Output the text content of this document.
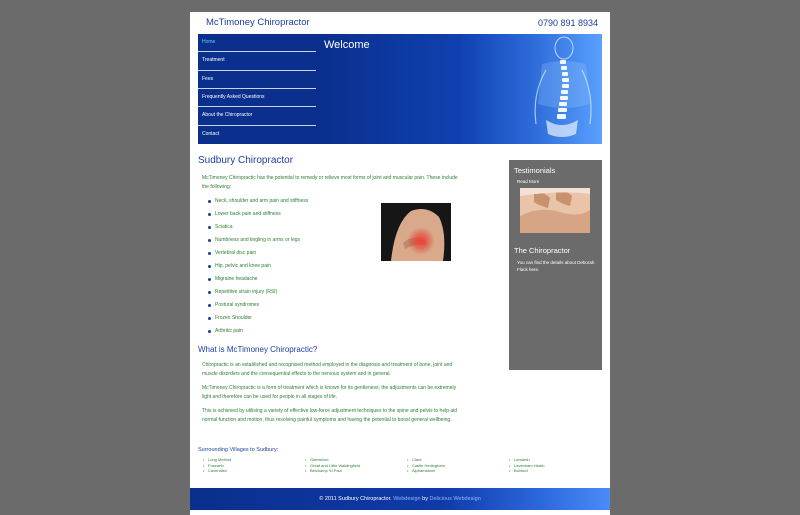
McTimoney Chiropractor	0790 891 8934
Home
Treatment
Fees
Frequently Asked Questions
About the Chiropractor
Contact
Welcome
Sudbury Chiropractor

McTimoney Chiropractic has the potential to remedy or relieve most forms of joint and muscular pain. These include the following:

Neck, shoulder and arm pain and stiffness
Lower back pain and stiffness
Sciatica
Numbness and tingling in arms or legs
Vertebral disc pain
Hip, pelvic and knee pain
Migraine headache
Repetitive strain injury (RSI)
Postural syndromes
Frozen Shoulder
Arthritic pain
What is McTimoney Chiropractic?

Chiropractic is an established and recognised method employed in the diagnosis and treatment of bone, joint and muscle disorders and the consequential effects to the nervous system and in general.

McTimoney Chiropractic is a form of treatment which is known for its gentleness; the adjustments can be extremely light and therefore can be used for people in all stages of life.

This is achieved by utilising a variety of effective low-force adjustment techniques to the spine and pelvis to help aid normal function and motion, thus resolving painful symptoms and having the potential to boost general wellbeing.

Surrounding Villages to Sudbury:
• Long Melford
• Foxearth
• Cavendish
• Glemsford
• Great and Little Waldingfield
• Belchamp St Paul
• Clare
• Castle Hedingham
• Alphamstone
• Lamarsh
• Lavenham Heath
• Boxford
Testimonials
Read More
The Chiropractor

You can find the details about Deborah Flack here.

© 2011 Sudbury Chiropractor. Webdesign by Delicious Webdesign
